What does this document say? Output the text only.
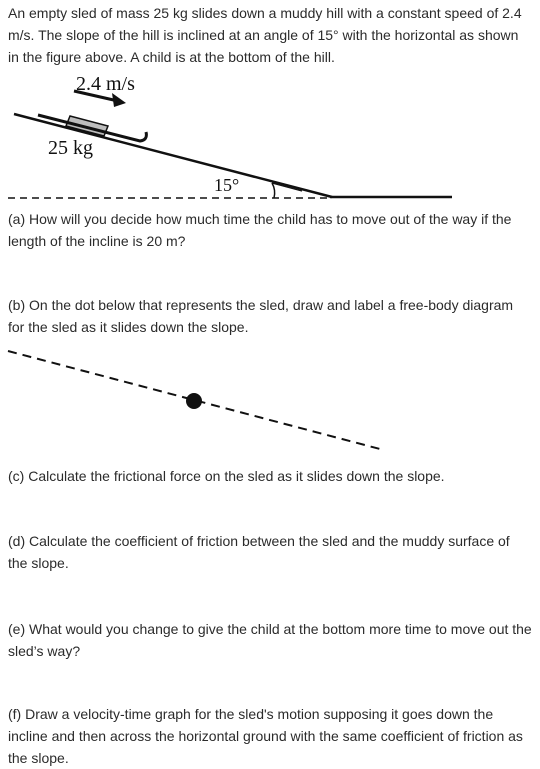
An empty sled of mass 25 kg slides down a muddy hill with a constant speed of 2.4 m/s. The slope of the hill is inclined at an angle of 15° with the horizontal as shown in the figure above. A child is at the bottom of the hill.

2.4 m/s
15°
25 kg

(a) How will you decide how much time the child has to move out of the way if the length of the incline is 20 m?

(b) On the dot below that represents the sled, draw and label a free-body diagram for the sled as it slides down the slope.

(c) Calculate the frictional force on the sled as it slides down the slope.

(d) Calculate the coefficient of friction between the sled and the muddy surface of the slope.

(e) What would you change to give the child at the bottom more time to move out the sled’s way?

(f) Draw a velocity-time graph for the sled's motion supposing it goes down the incline and then across the horizontal ground with the same coefficient of friction as the slope.
